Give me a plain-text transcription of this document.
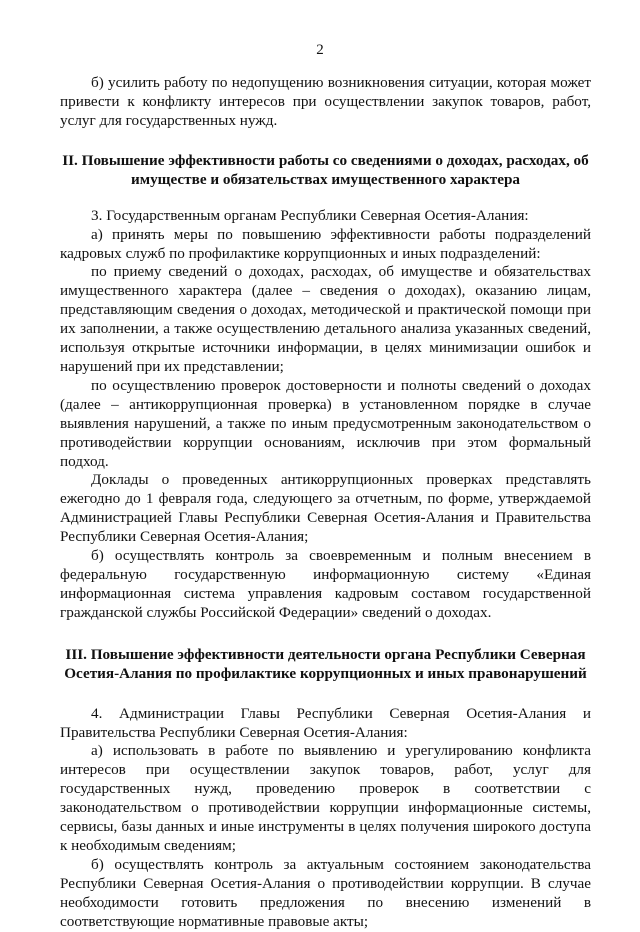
2

б) усилить работу по недопущению возникновения ситуации, которая может привести к конфликту интересов при осуществлении закупок товаров, работ, услуг для государственных нужд.

II. Повышение эффективности работы со сведениями о доходах, расходах, об
имуществе и обязательствах имущественного характера

3. Государственным органам Республики Северная Осетия-Алания:

а) принять меры по повышению эффективности работы подразделений кадровых служб по профилактике коррупционных и иных подразделений:

по приему сведений о доходах, расходах, об имуществе и обязательствах имущественного характера (далее – сведения о доходах), оказанию лицам, представляющим сведения о доходах, методической и практической помощи при их заполнении, а также осуществлению детального анализа указанных сведений, используя открытые источники информации, в целях минимизации ошибок и нарушений при их представлении;

по осуществлению проверок достоверности и полноты сведений о доходах (далее – антикоррупционная проверка) в установленном порядке в случае выявления нарушений, а также по иным предусмотренным законодательством о противодействии коррупции основаниям, исключив при этом формальный подход.

Доклады о проведенных антикоррупционных проверках представлять ежегодно до 1 февраля года, следующего за отчетным, по форме, утверждаемой Администрацией Главы Республики Северная Осетия-Алания и Правительства Республики Северная Осетия-Алания;

б) осуществлять контроль за своевременным и полным внесением в федеральную государственную информационную систему «Единая информационная система управления кадровым составом государственной гражданской службы Российской Федерации» сведений о доходах.

III. Повышение эффективности деятельности органа Республики Северная
Осетия-Алания по профилактике коррупционных и иных правонарушений

4. Администрации Главы Республики Северная Осетия-Алания и Правительства Республики Северная Осетия-Алания:

а) использовать в работе по выявлению и урегулированию конфликта интересов при осуществлении закупок товаров, работ, услуг для государственных нужд, проведению проверок в соответствии с законодательством о противодействии коррупции информационные системы, сервисы, базы данных и иные инструменты в целях получения широкого доступа к необходимым сведениям;

б) осуществлять контроль за актуальным состоянием законодательства Республики Северная Осетия-Алания о противодействии коррупции. В случае необходимости готовить предложения по внесению изменений в соответствующие нормативные правовые акты;
